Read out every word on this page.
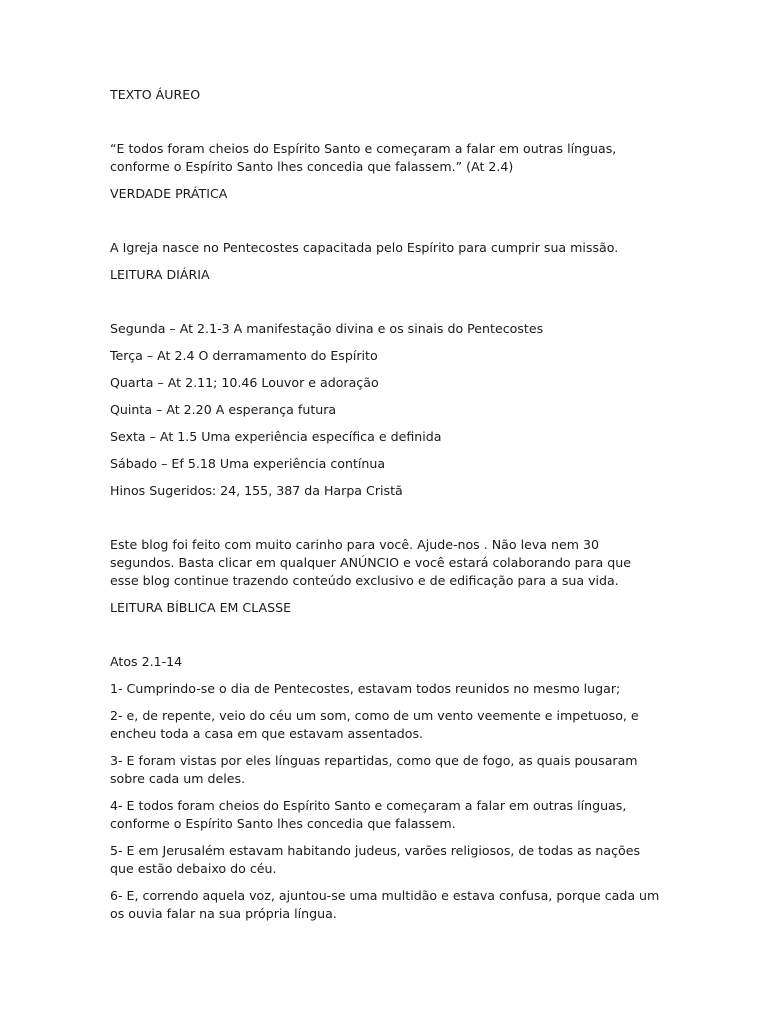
TEXTO ÁUREO

“E todos foram cheios do Espírito Santo e começaram a falar em outras línguas, conforme o Espírito Santo lhes concedia que falassem.” (At 2.4)

VERDADE PRÁTICA

A Igreja nasce no Pentecostes capacitada pelo Espírito para cumprir sua missão.

LEITURA DIÁRIA

Segunda – At 2.1-3 A manifestação divina e os sinais do Pentecostes

Terça – At 2.4 O derramamento do Espírito

Quarta – At 2.11; 10.46 Louvor e adoração

Quinta – At 2.20 A esperança futura

Sexta – At 1.5 Uma experiência específica e definida

Sábado – Ef 5.18 Uma experiência contínua

Hinos Sugeridos: 24, 155, 387 da Harpa Cristã

Este blog foi feito com muito carinho para você. Ajude-nos . Não leva nem 30 segundos. Basta clicar em qualquer ANÚNCIO e você estará colaborando para que esse blog continue trazendo conteúdo exclusivo e de edificação para a sua vida.

LEITURA BÍBLICA EM CLASSE

Atos 2.1-14

1- Cumprindo-se o dia de Pentecostes, estavam todos reunidos no mesmo lugar;

2- e, de repente, veio do céu um som, como de um vento veemente e impetuoso, e encheu toda a casa em que estavam assentados.

3- E foram vistas por eles línguas repartidas, como que de fogo, as quais pousaram sobre cada um deles.

4- E todos foram cheios do Espírito Santo e começaram a falar em outras línguas, conforme o Espírito Santo lhes concedia que falassem.

5- E em Jerusalém estavam habitando judeus, varões religiosos, de todas as nações que estão debaixo do céu.

6- E, correndo aquela voz, ajuntou-se uma multidão e estava confusa, porque cada um os ouvia falar na sua própria língua.
